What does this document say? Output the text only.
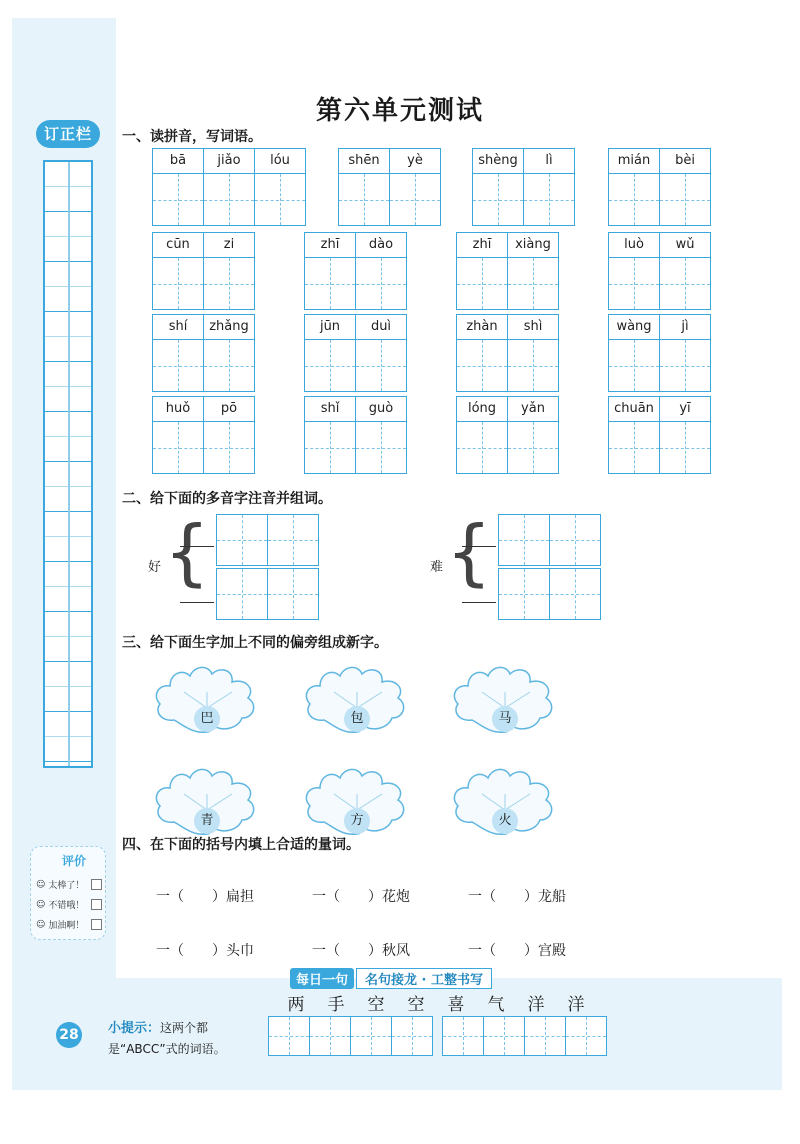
订正栏
评价
☺ 太棒了！
☺ 不错哦！
☺ 加油啊！
28
第六单元测试
一、读拼音，写词语。
bā	jiǎo	lóu	shēn	yè	shèng	lì	mián	bèi
cūn	zi	zhī	dào	zhī	xiàng	luò	wǔ
shí	zhǎng	jūn	duì	zhàn	shì	wàng	jì
huǒ	pō	shǐ	guò	lóng	yǎn	chuān	yī
二、给下面的多音字注音并组词。
好 {	难 {
三、给下面生字加上不同的偏旁组成新字。
巴	包	马
青	方	火
四、在下面的括号内填上合适的量词。
一（　　）扁担	一（　　）花炮	一（　　）龙船
一（　　）头巾	一（　　）秋风	一（　　）宫殿
每日一句	名句接龙 · 工整书写
两	手	空	空	喜	气	洋	洋
小提示：这两个都是“ABCC”式的词语。
